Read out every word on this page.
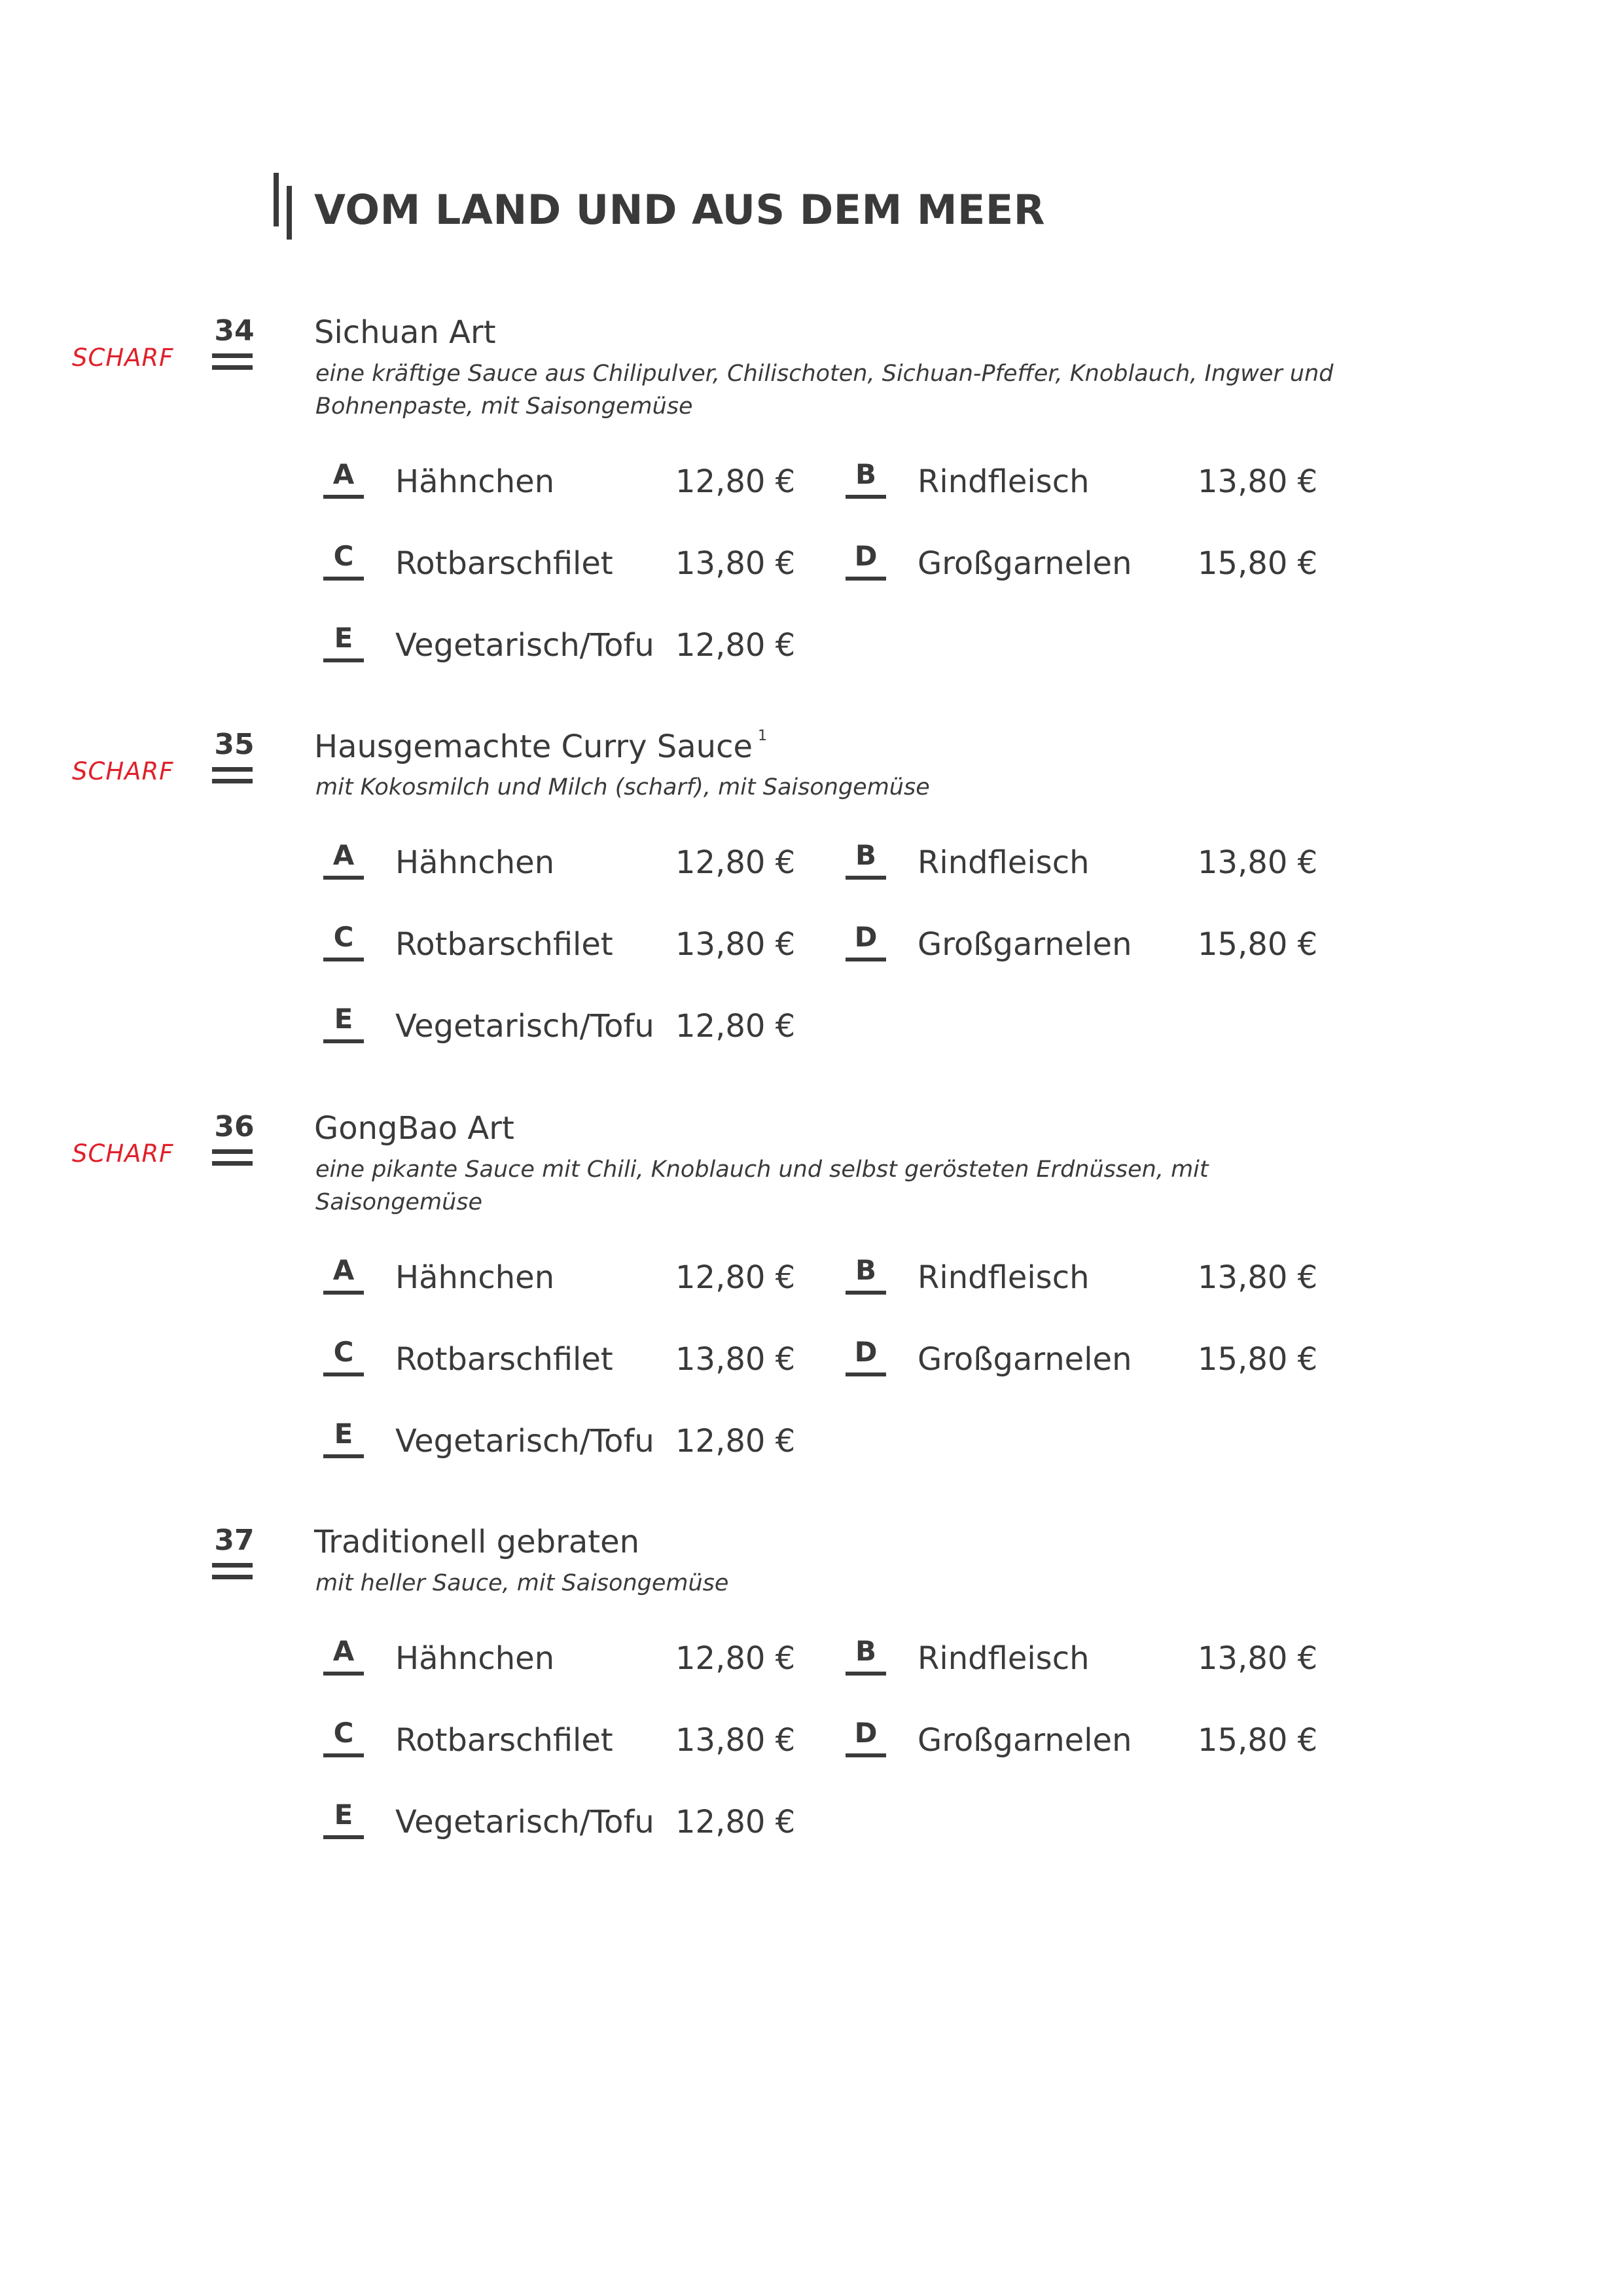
VOM LAND UND AUS DEM MEER
SCHARF
34 Sichuan Art
eine kräftige Sauce aus Chilipulver, Chilischoten, Sichuan-Pfeffer, Knoblauch, Ingwer und Bohnenpaste, mit Saisongemüse
A	Hähnchen	12,80 €	B	Rindfleisch	13,80 €
C	Rotbarschfilet 13,80 €	D Großgarnelen 15,80 €
E	Vegetarisch/Tofu 12,80 €
SCHARF
35 Hausgemachte Curry Sauce $^1$
mit Kokosmilch und Milch (scharf), mit Saisongemüse
A	Hähnchen	12,80 €	B	Rindfleisch	13,80 €
C	Rotbarschfilet 13,80 €	D Großgarnelen 15,80 €
E	Vegetarisch/Tofu 12,80 €
SCHARF
36 GongBao Art
eine pikante Sauce mit Chili, Knoblauch und selbst gerösteten Erdnüssen, mit Saisongemüse
A	Hähnchen	12,80 €	B	Rindfleisch	13,80 €
C	Rotbarschfilet 13,80 €	D Großgarnelen 15,80 €
E	Vegetarisch/Tofu 12,80 €
37 Traditionell gebraten
mit heller Sauce, mit Saisongemüse
A	Hähnchen	12,80 €	B	Rindfleisch	13,80 €
C	Rotbarschfilet 13,80 €	D Großgarnelen 15,80 €
E	Vegetarisch/Tofu 12,80 €
